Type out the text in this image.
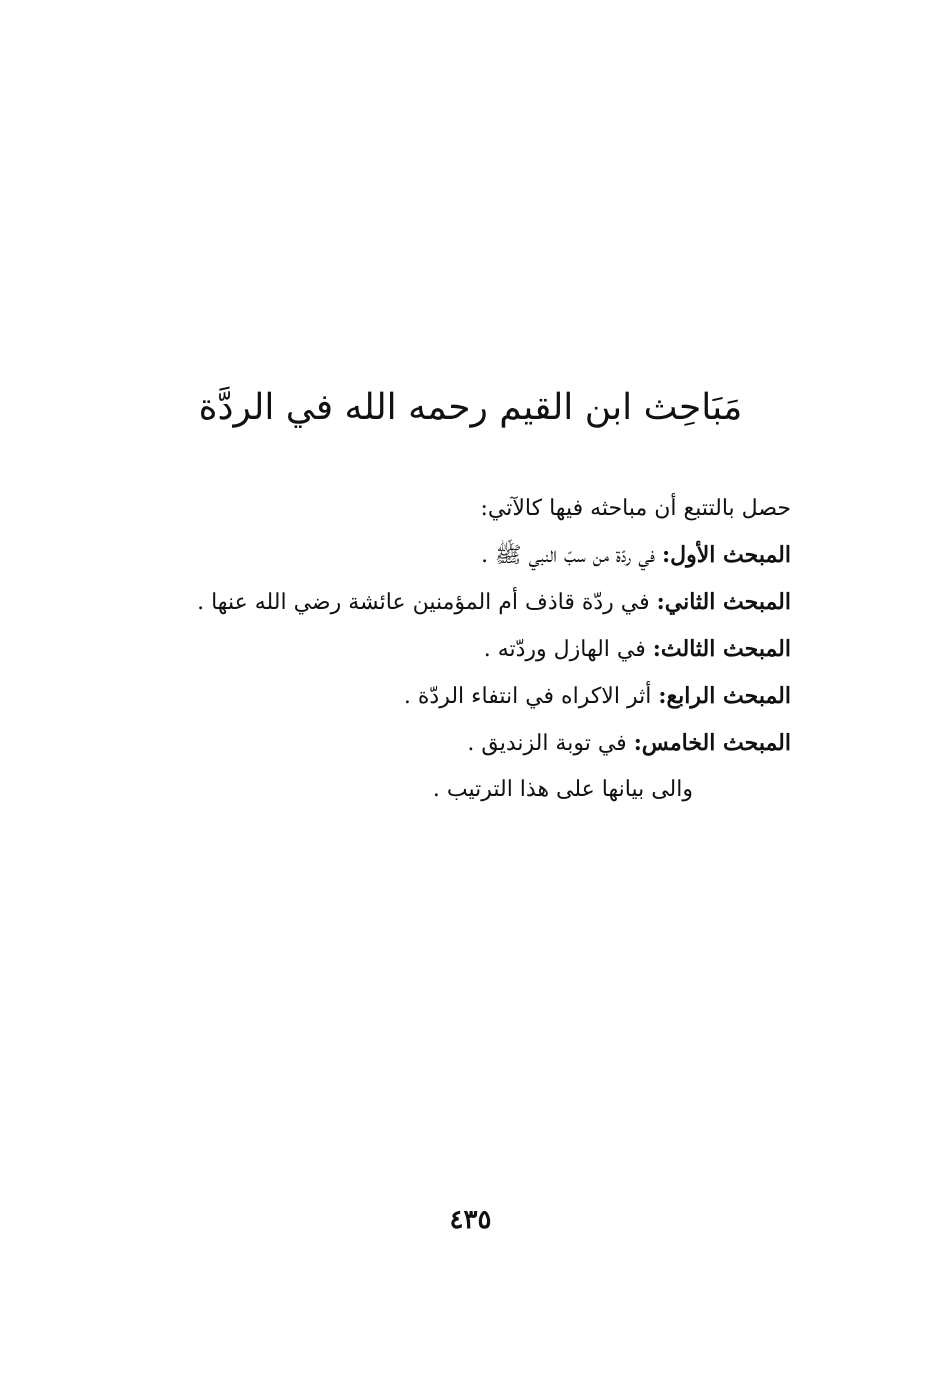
مَبَاحِث ابن القيم رحمه الله في الردَّة
حصل بالتتبع أن مباحثه فيها كالآتي:
المبحث الأول: في ردّة من سبّ النبي ﷺ .
المبحث الثاني: في ردّة قاذف أم المؤمنين عائشة رضي الله عنها .
المبحث الثالث: في الهازل وردّته .
المبحث الرابع: أثر الاكراه في انتفاء الردّة .
المبحث الخامس: في توبة الزنديق .
والى بيانها على هذا الترتيب .
٤٣٥
